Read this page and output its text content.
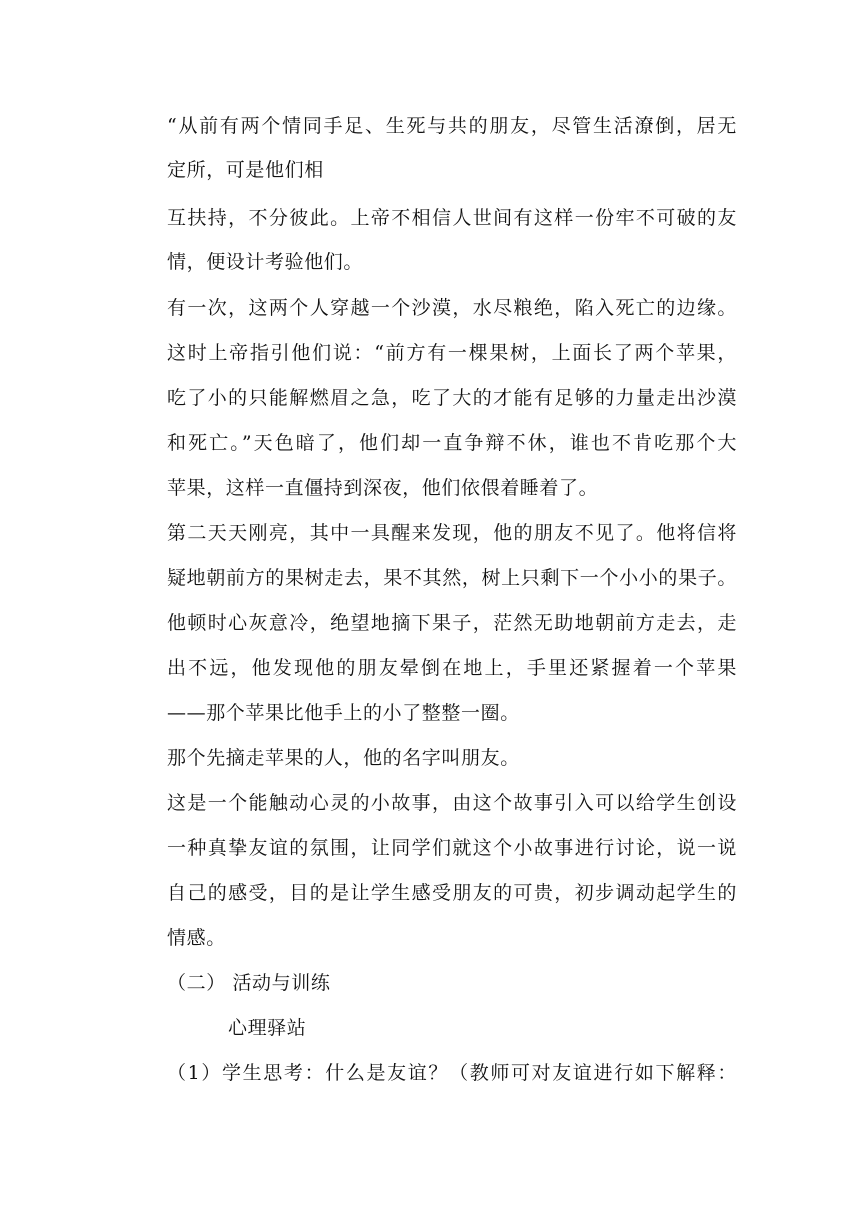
“从前有两个情同手足、生死与共的朋友，尽管生活潦倒，居无
定所，可是他们相
互扶持，不分彼此。上帝不相信人世间有这样一份牢不可破的友
情，便设计考验他们。
有一次，这两个人穿越一个沙漠，水尽粮绝，陷入死亡的边缘。
这时上帝指引他们说：“前方有一棵果树，上面长了两个苹果，
吃了小的只能解燃眉之急，吃了大的才能有足够的力量走出沙漠
和死亡。”天色暗了，他们却一直争辩不休，谁也不肯吃那个大
苹果，这样一直僵持到深夜，他们依偎着睡着了。
第二天天刚亮，其中一具醒来发现，他的朋友不见了。他将信将
疑地朝前方的果树走去，果不其然，树上只剩下一个小小的果子。
他顿时心灰意冷，绝望地摘下果子，茫然无助地朝前方走去，走
出不远，他发现他的朋友晕倒在地上，手里还紧握着一个苹果
——那个苹果比他手上的小了整整一圈。
那个先摘走苹果的人，他的名字叫朋友。
这是一个能触动心灵的小故事，由这个故事引入可以给学生创设
一种真挚友谊的氛围，让同学们就这个小故事进行讨论，说一说
自己的感受，目的是让学生感受朋友的可贵，初步调动起学生的
情感。
（二） 活动与训练
心理驿站
（1）学生思考：什么是友谊？（教师可对友谊进行如下解释：
